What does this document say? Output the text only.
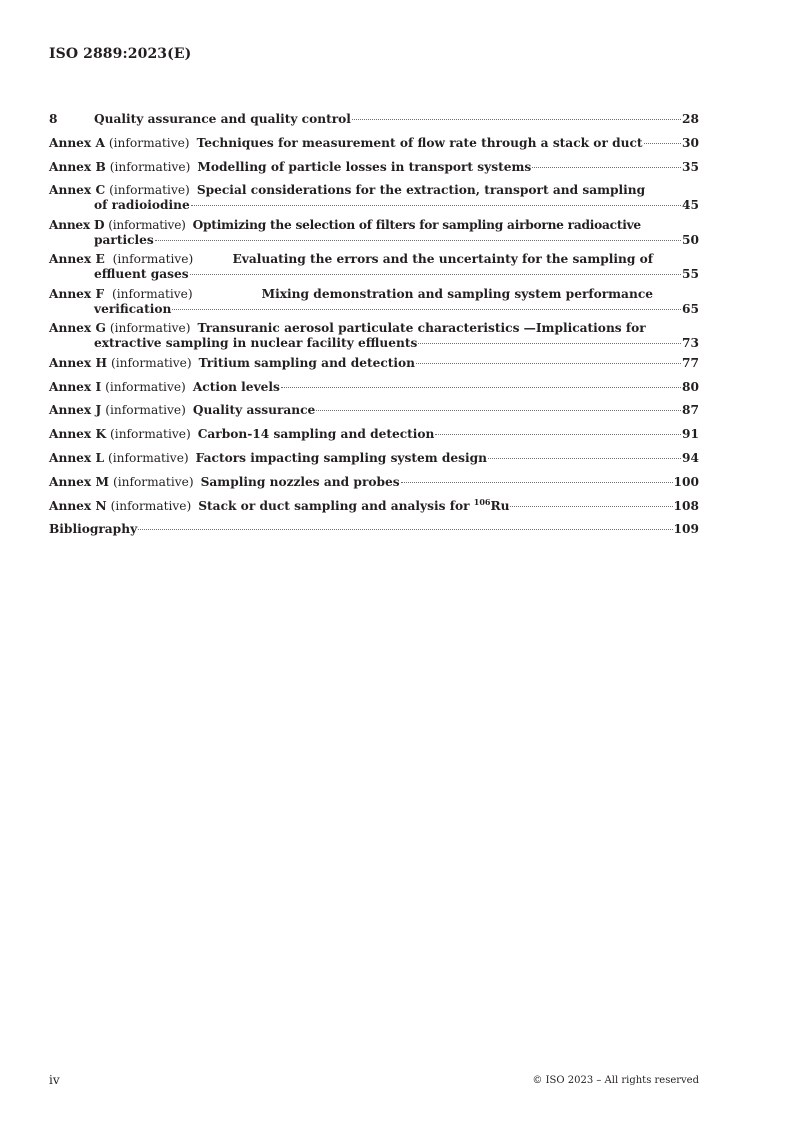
ISO 2889:2023(E)
8	Quality assurance and quality control	28
Annex A (informative) Techniques for measurement of flow rate through a stack or duct	30
Annex B (informative) Modelling of particle losses in transport systems	35
Annex C (informative) Special considerations for the extraction, transport and sampling
of radioiodine	45
Annex D (informative) Optimizing the selection of filters for sampling airborne radioactive
particles	50
Annex E (informative)	Evaluating the errors and the uncertainty for the sampling of
effluent gases	55
Annex F (informative)	Mixing demonstration and sampling system performance
verification	65
Annex G (informative) Transuranic aerosol particulate characteristics —Implications for
extractive sampling in nuclear facility effluents	73
Annex H (informative) Tritium sampling and detection	77
Annex I (informative) Action levels	80
Annex J (informative) Quality assurance	87
Annex K (informative) Carbon-14 sampling and detection	91
Annex L (informative) Factors impacting sampling system design	94
Annex M (informative) Sampling nozzles and probes	100
Annex N (informative) Stack or duct sampling and analysis for $^{106}$Ru	108
Bibliography	109
iv	© ISO 2023 – All rights reserved
